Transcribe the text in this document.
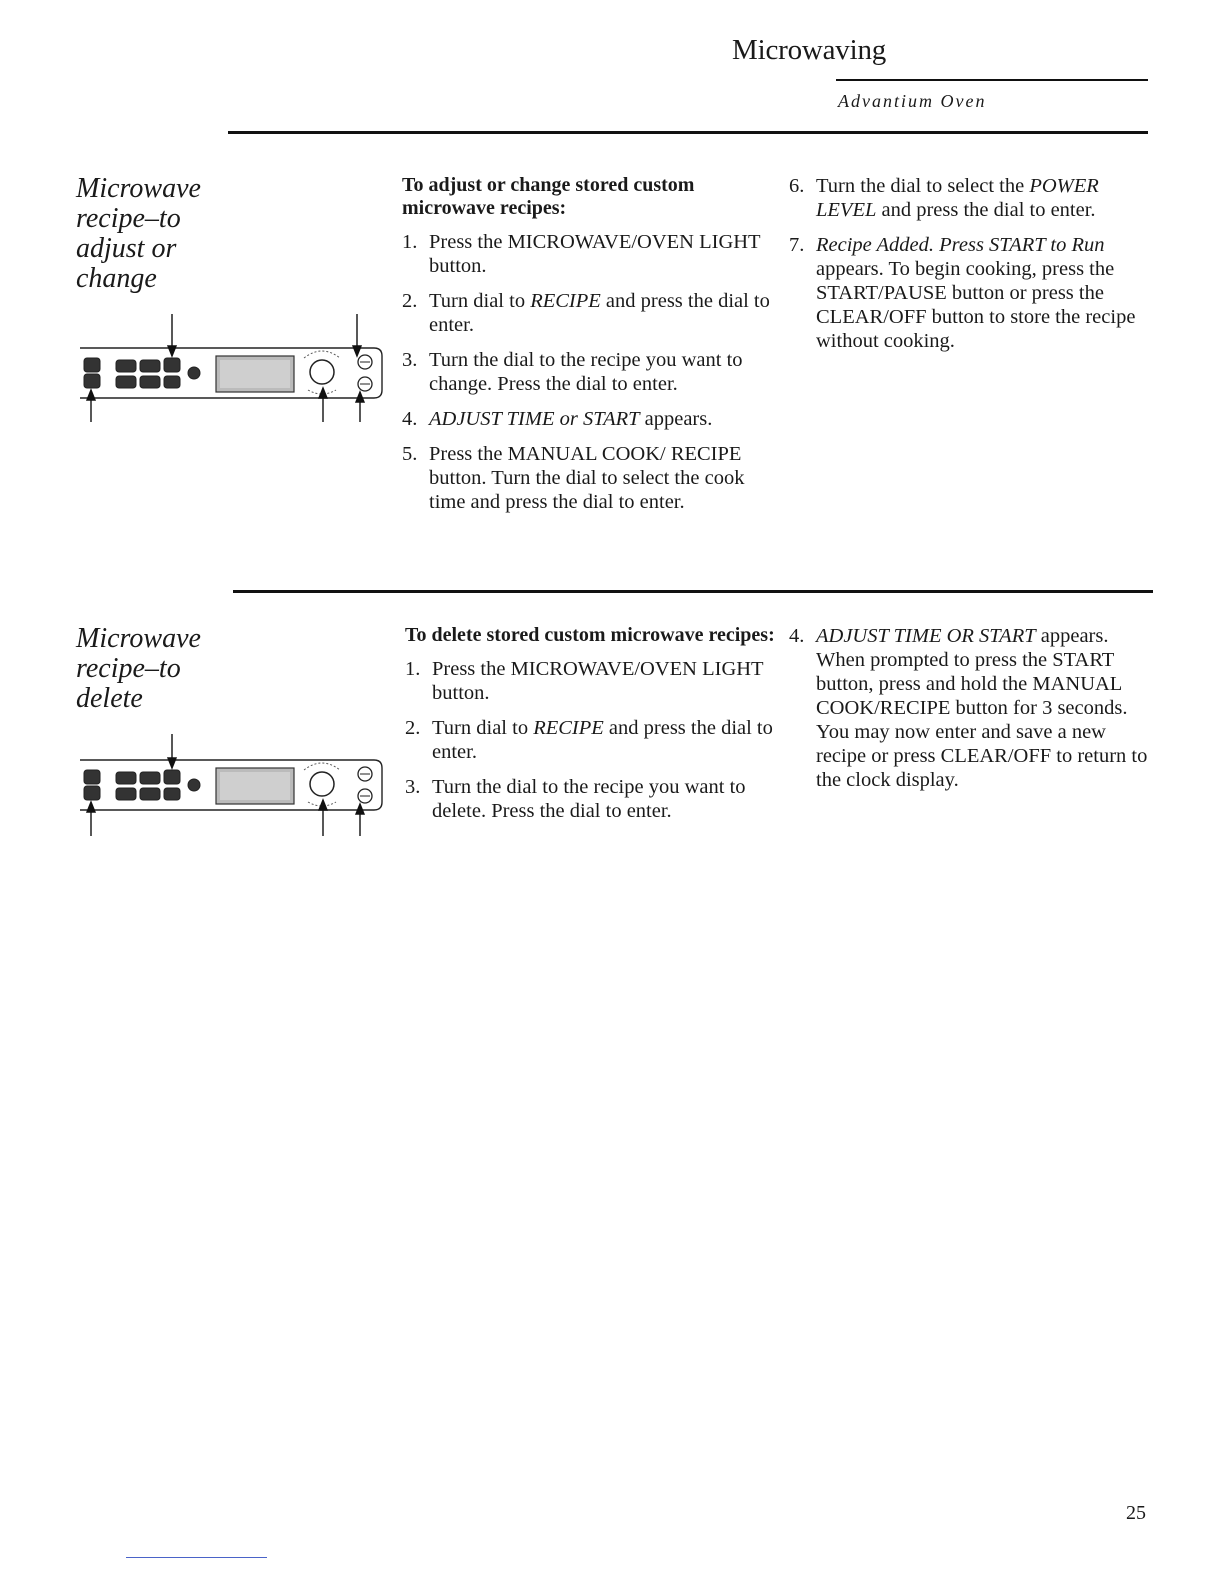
Microwaving
Advantium Oven
Microwave
recipe–to
adjust or
change
To adjust or change stored custom microwave recipes:
1. Press the MICROWAVE/OVEN LIGHT button.
2. Turn dial to RECIPE and press the dial to enter.
3. Turn the dial to the recipe you want to change. Press the dial to enter.
4. ADJUST TIME or START appears.
5. Press the MANUAL COOK/ RECIPE button. Turn the dial to select the cook time and press the dial to enter.
6. Turn the dial to select the POWER LEVEL and press the dial to enter.
7. Recipe Added. Press START to Run appears. To begin cooking, press the START/PAUSE button or press the CLEAR/OFF button to store the recipe without cooking.
Microwave
recipe–to
delete
To delete stored custom microwave recipes:
1. Press the MICROWAVE/OVEN LIGHT button.
2. Turn dial to RECIPE and press the dial to enter.
3. Turn the dial to the recipe you want to delete. Press the dial to enter.
4. ADJUST TIME OR START appears. When prompted to press the START button, press and hold the MANUAL COOK/RECIPE button for 3 seconds. You may now enter and save a new recipe or press CLEAR/OFF to return to the clock display.
25
